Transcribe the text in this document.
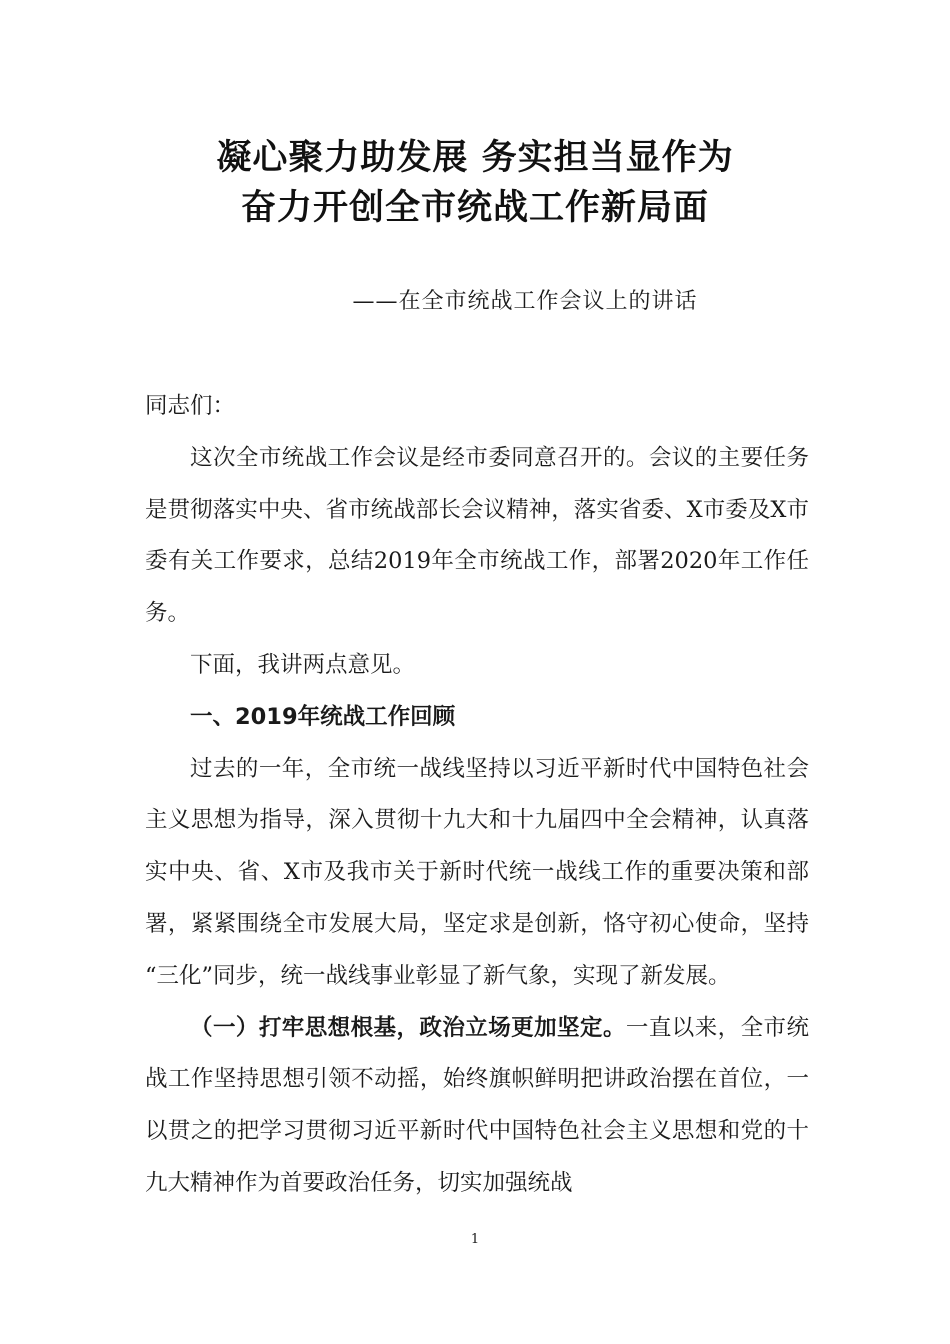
凝心聚力助发展 务实担当显作为
奋力开创全市统战工作新局面
——在全市统战工作会议上的讲话

同志们：

这次全市统战工作会议是经市委同意召开的。会议的主要任务是贯彻落实中央、省市统战部长会议精神，落实省委、X市委及X市委有关工作要求，总结2019年全市统战工作，部署2020年工作任务。

下面，我讲两点意见。

一、2019年统战工作回顾

过去的一年，全市统一战线坚持以习近平新时代中国特色社会主义思想为指导，深入贯彻十九大和十九届四中全会精神，认真落实中央、省、X市及我市关于新时代统一战线工作的重要决策和部署，紧紧围绕全市发展大局，坚定求是创新，恪守初心使命，坚持 “三化”同步，统一战线事业彰显了新气象，实现了新发展。

（一）打牢思想根基，政治立场更加坚定。一直以来，全市统战工作坚持思想引领不动摇，始终旗帜鲜明把讲政治摆在首位，一以贯之的把学习贯彻习近平新时代中国特色社会主义思想和党的十九大精神作为首要政治任务，切实加强统战

1
